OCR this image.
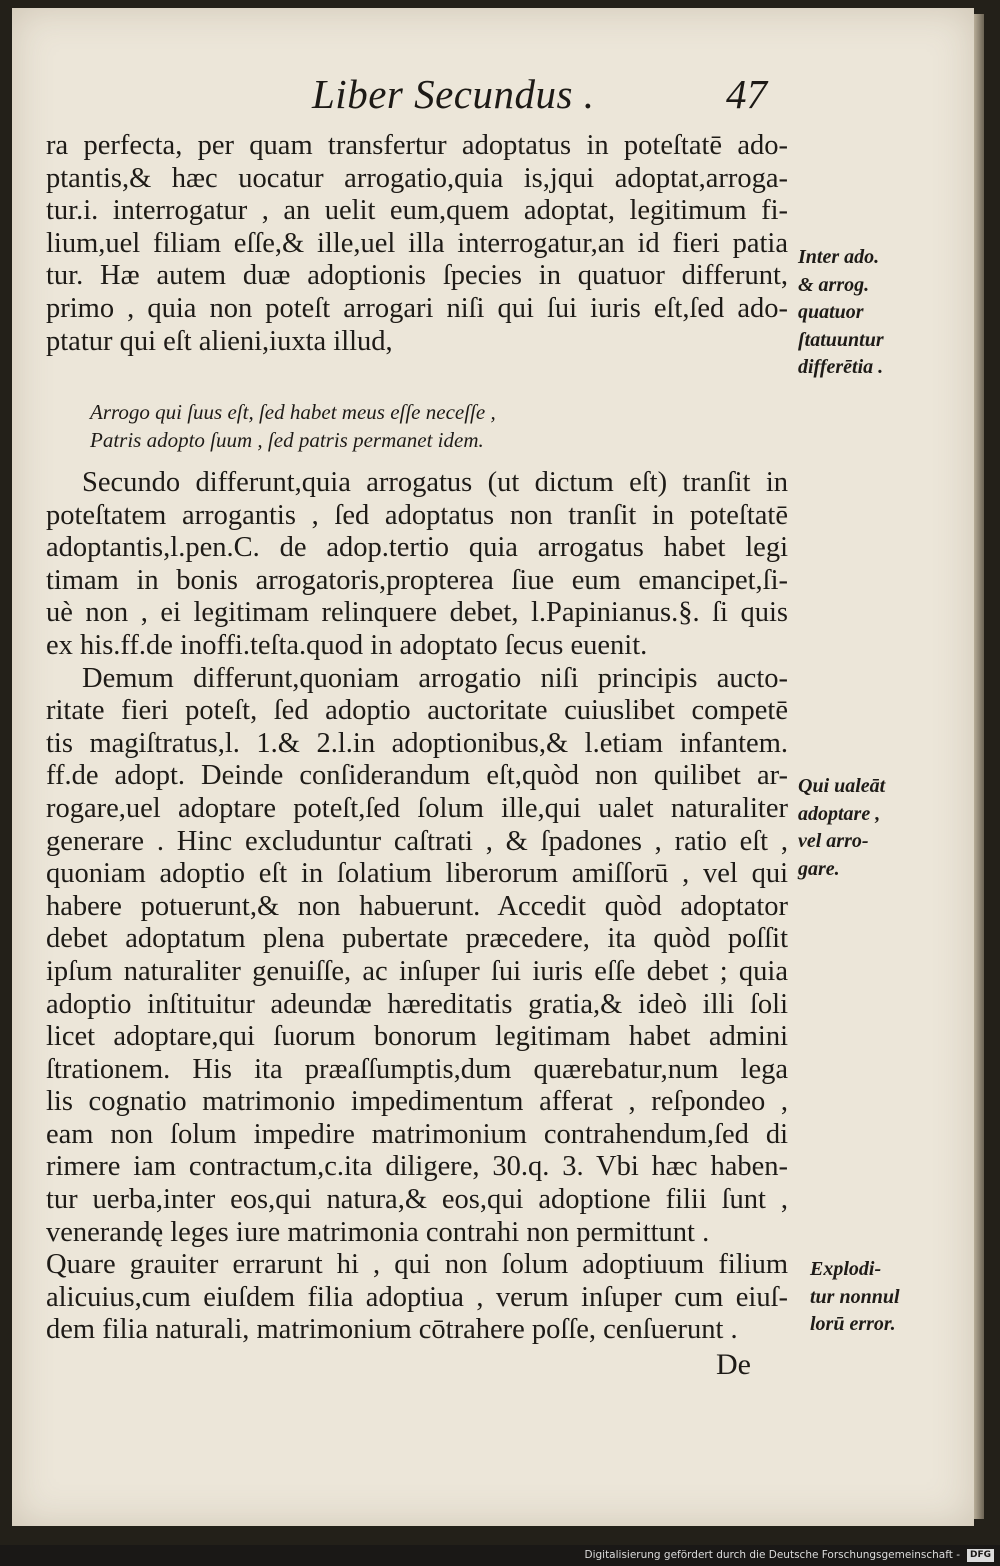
Liber Secundus .	47
ra perfecta, per quam transfertur adoptatus in poteſtatē ado-
ptantis,& hæc uocatur arrogatio,quia is,jqui adoptat,arroga-
tur.i. interrogatur , an uelit eum,quem adoptat, legitimum fi-
lium,uel filiam eſſe,& ille,uel illa interrogatur,an id fieri patia
tur. Hæ autem duæ adoptionis ſpecies in quatuor differunt,
primo , quia non poteſt arrogari niſi qui ſui iuris eſt,ſed ado-
ptatur qui eſt alieni,iuxta illud,
Arrogo qui ſuus eſt, ſed habet meus eſſe neceſſe ,
Patris adopto ſuum , ſed patris permanet idem.
Secundo differunt,quia arrogatus (ut dictum eſt) tranſit in
poteſtatem arrogantis , ſed adoptatus non tranſit in poteſtatē
adoptantis,l.pen.C. de adop.tertio quia arrogatus habet legi
timam in bonis arrogatoris,propterea ſiue eum emancipet,ſi-
uè non , ei legitimam relinquere debet, l.Papinianus.§. ſi quis
ex his.ff.de inoffi.teſta.quod in adoptato ſecus euenit.
Demum differunt,quoniam arrogatio niſi principis aucto-
ritate fieri poteſt, ſed adoptio auctoritate cuiuslibet competē
tis magiſtratus,l. 1.& 2.l.in adoptionibus,& l.etiam infantem.
ff.de adopt. Deinde conſiderandum eſt,quòd non quilibet ar-
rogare,uel adoptare poteſt,ſed ſolum ille,qui ualet naturaliter
generare . Hinc excluduntur caſtrati , & ſpadones , ratio eſt ,
quoniam adoptio eſt in ſolatium liberorum amiſſorū , vel qui
habere potuerunt,& non habuerunt. Accedit quòd adoptator
debet adoptatum plena pubertate præcedere, ita quòd poſſit
ipſum naturaliter genuiſſe, ac inſuper ſui iuris eſſe debet ; quia
adoptio inſtituitur adeundæ hæreditatis gratia,& ideò illi ſoli
licet adoptare,qui ſuorum bonorum legitimam habet admini
ſtrationem. His ita præaſſumptis,dum quærebatur,num lega
lis cognatio matrimonio impedimentum afferat , reſpondeo ,
eam non ſolum impedire matrimonium contrahendum,ſed di
rimere iam contractum,c.ita diligere, 30.q. 3. Vbi hæc haben-
tur uerba,inter eos,qui natura,& eos,qui adoptione filii ſunt ,
venerandę leges iure matrimonia contrahi non permittunt .
Quare grauiter errarunt hi , qui non ſolum adoptiuum filium
alicuius,cum eiuſdem filia adoptiua , verum inſuper cum eiuſ-
dem filia naturali, matrimonium cōtrahere poſſe, cenſuerunt .
Inter ado.
& arrog.
quatuor
ſtatuuntur
differētia .
Qui ualeāt
adoptare ,
vel arro-
gare.
Explodi-
tur nonnul
lorū error.
De
Digitalisierung gefördert durch die Deutsche Forschungsgemeinschaft -	DFG
